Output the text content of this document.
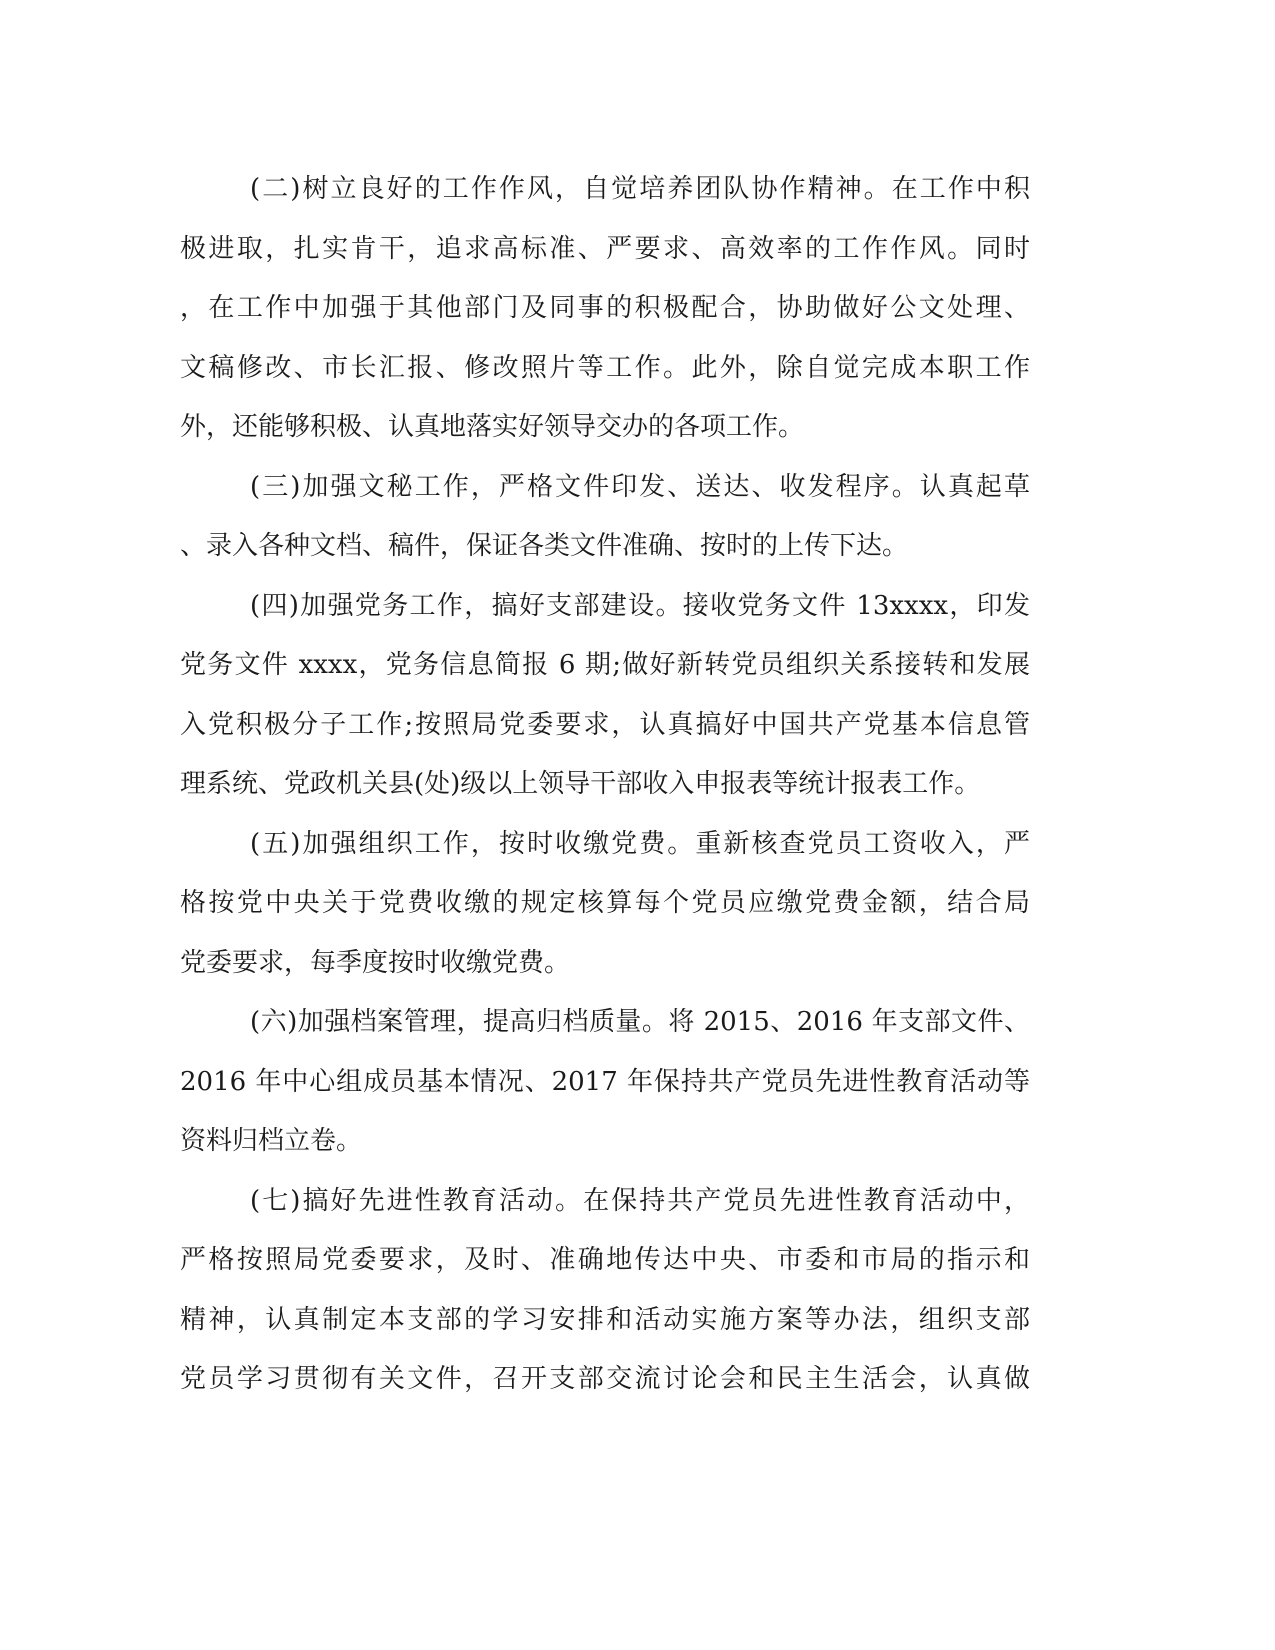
(二)树立良好的工作作风，自觉培养团队协作精神。在工作中积
极进取，扎实肯干，追求高标准、严要求、高效率的工作作风。同时
，在工作中加强于其他部门及同事的积极配合，协助做好公文处理、
文稿修改、市长汇报、修改照片等工作。此外，除自觉完成本职工作
外，还能够积极、认真地落实好领导交办的各项工作。
(三)加强文秘工作，严格文件印发、送达、收发程序。认真起草
、录入各种文档、稿件，保证各类文件准确、按时的上传下达。
(四)加强党务工作，搞好支部建设。接收党务文件 13xxxx，印发
党务文件 xxxx，党务信息简报 6 期;做好新转党员组织关系接转和发展
入党积极分子工作;按照局党委要求，认真搞好中国共产党基本信息管
理系统、党政机关县(处)级以上领导干部收入申报表等统计报表工作。
(五)加强组织工作，按时收缴党费。重新核查党员工资收入，严
格按党中央关于党费收缴的规定核算每个党员应缴党费金额，结合局
党委要求，每季度按时收缴党费。
(六)加强档案管理，提高归档质量。将 2015、2016 年支部文件、
2016 年中心组成员基本情况、2017 年保持共产党员先进性教育活动等
资料归档立卷。
(七)搞好先进性教育活动。在保持共产党员先进性教育活动中，
严格按照局党委要求，及时、准确地传达中央、市委和市局的指示和
精神，认真制定本支部的学习安排和活动实施方案等办法，组织支部
党员学习贯彻有关文件，召开支部交流讨论会和民主生活会，认真做
